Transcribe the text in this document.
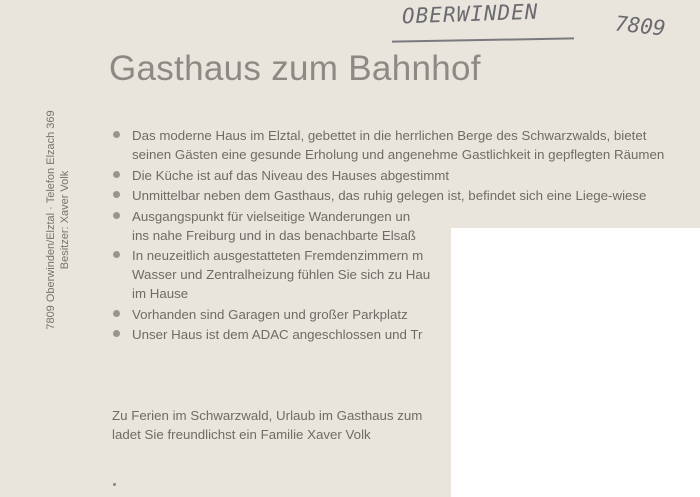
OBERWINDEN	7809
Gasthaus zum Bahnhof
7809 Oberwinden/Elztal · Telefon Elzach 369 Besitzer: Xaver Volk
Das moderne Haus im Elztal, gebettet in die herrlichen Berge des Schwarzwalds, bietet seinen Gästen eine gesunde Erholung und angenehme Gastlichkeit in gepflegten Räumen
Die Küche ist auf das Niveau des Hauses abgestimmt
Unmittelbar neben dem Gasthaus, das ruhig gelegen ist, befindet sich eine Liege-wiese
Ausgangspunkt für vielseitige Wanderungen un
ins nahe Freiburg und in das benachbarte Elsaß
In neuzeitlich ausgestatteten Fremdenzimmern m
Wasser und Zentralheizung fühlen Sie sich zu Hau
im Hause
Vorhanden sind Garagen und großer Parkplatz
Unser Haus ist dem ADAC angeschlossen und Tr

Zu Ferien im Schwarzwald, Urlaub im Gasthaus zum
ladet Sie freundlichst ein Familie Xaver Volk
